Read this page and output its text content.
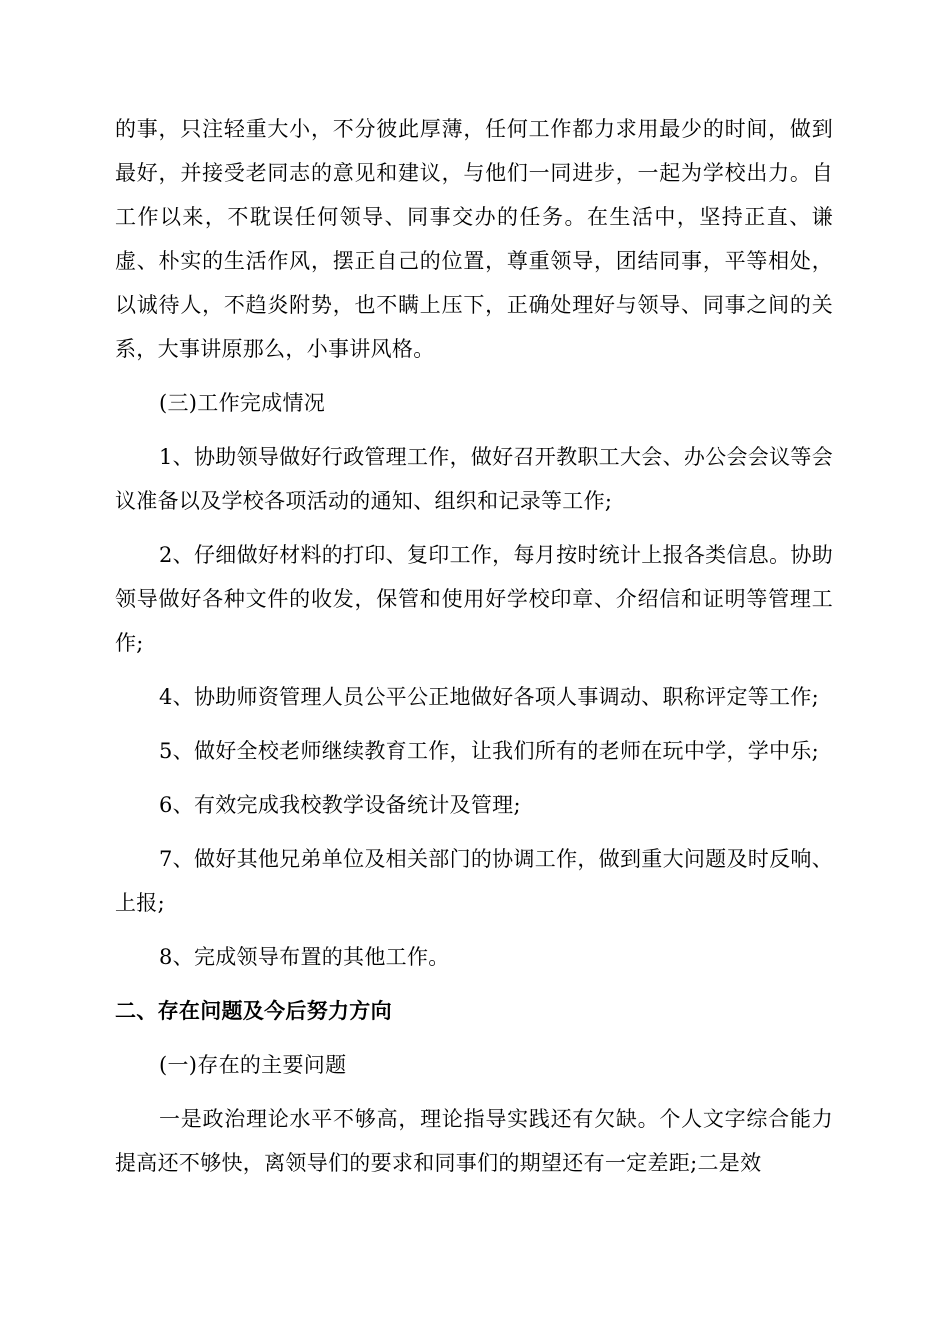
的事，只注轻重大小，不分彼此厚薄，任何工作都力求用最少的时间，做到最好，并接受老同志的意见和建议，与他们一同进步，一起为学校出力。自工作以来，不耽误任何领导、同事交办的任务。在生活中，坚持正直、谦虚、朴实的生活作风，摆正自己的位置，尊重领导，团结同事，平等相处，以诚待人，不趋炎附势，也不瞒上压下，正确处理好与领导、同事之间的关系，大事讲原那么，小事讲风格。

(三)工作完成情况

1、协助领导做好行政管理工作，做好召开教职工大会、办公会会议等会议准备以及学校各项活动的通知、组织和记录等工作;

2、仔细做好材料的打印、复印工作，每月按时统计上报各类信息。协助领导做好各种文件的收发，保管和使用好学校印章、介绍信和证明等管理工作;

4、协助师资管理人员公平公正地做好各项人事调动、职称评定等工作;

5、做好全校老师继续教育工作，让我们所有的老师在玩中学，学中乐;

6、有效完成我校教学设备统计及管理;

7、做好其他兄弟单位及相关部门的协调工作，做到重大问题及时反响、上报;

8、完成领导布置的其他工作。

二、存在问题及今后努力方向

(一)存在的主要问题

一是政治理论水平不够高，理论指导实践还有欠缺。个人文字综合能力提高还不够快，离领导们的要求和同事们的期望还有一定差距;二是效
